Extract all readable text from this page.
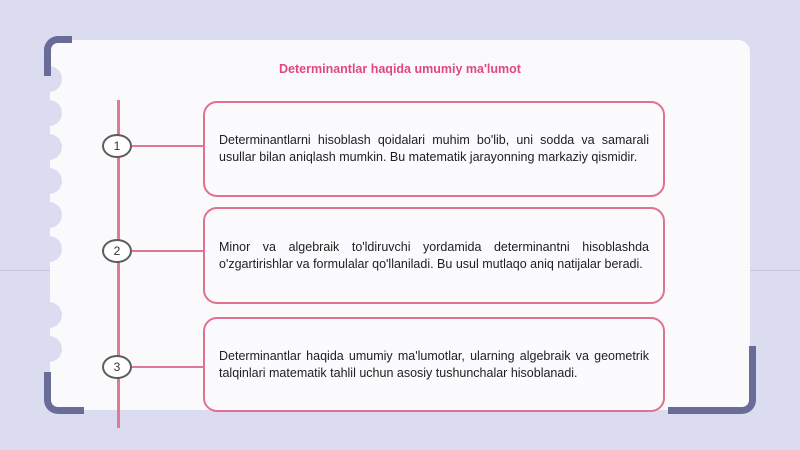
Determinantlar haqida umumiy ma'lumot
1
2
3

Determinantlarni hisoblash qoidalari muhim bo'lib, uni sodda va samarali usullar bilan aniqlash mumkin. Bu matematik jarayonning markaziy qismidir.

Minor va algebraik to'ldiruvchi yordamida determinantni hisoblashda o'zgartirishlar va formulalar qo'llaniladi. Bu usul mutlaqo aniq natijalar beradi.

Determinantlar haqida umumiy ma'lumotlar, ularning algebraik va geometrik talqinlari matematik tahlil uchun asosiy tushunchalar hisoblanadi.
